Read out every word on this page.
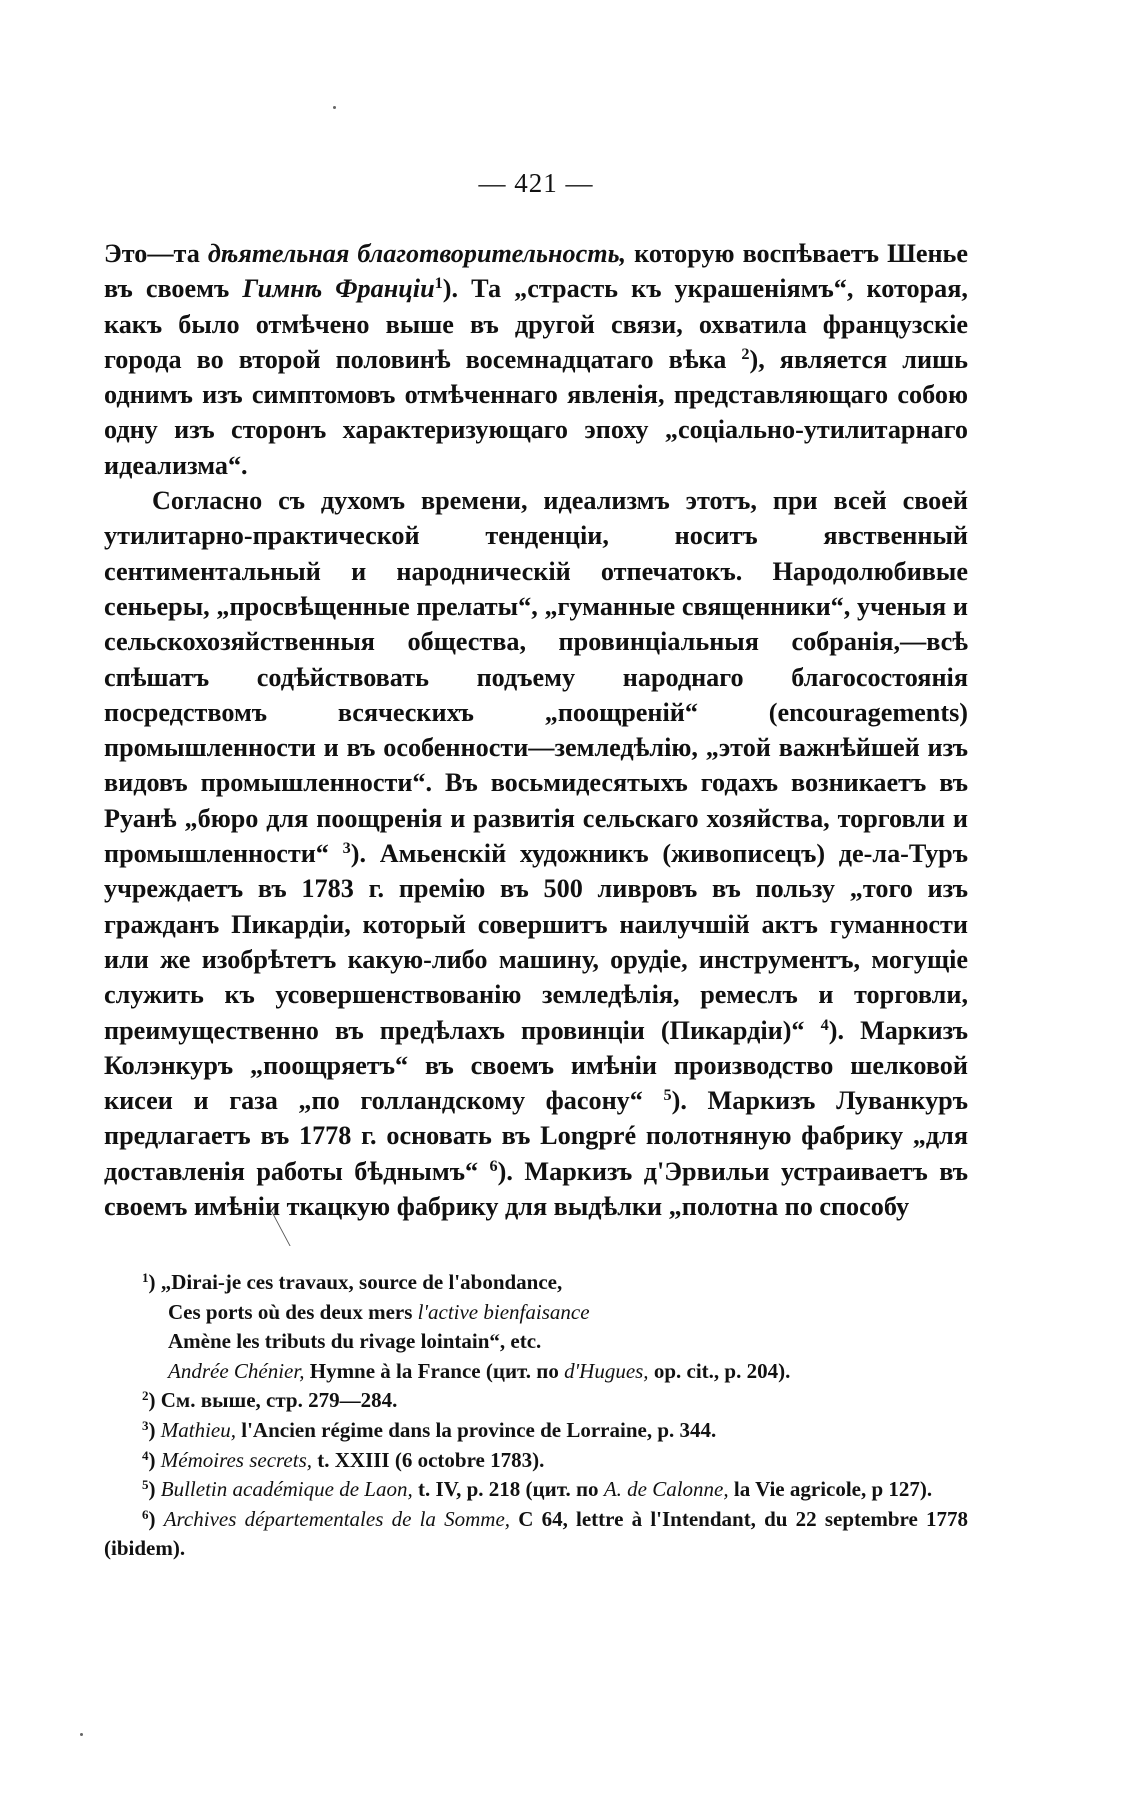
— 421 —

Это—та дѣятельная благотворительность, которую воспѣваетъ Шенье въ своемъ Гимнѣ Франціи$^1$). Та „страсть къ украшеніямъ“, которая, какъ было отмѣчено выше въ другой связи, охватила французскіе города во второй половинѣ восемнадцатаго вѣка $^2$), является лишь однимъ изъ симптомовъ отмѣченнаго явленія, представляющаго собою одну изъ сторонъ характеризующаго эпоху „соціально-утилитарнаго идеализма“.

Согласно съ духомъ времени, идеализмъ этотъ, при всей своей утилитарно-практической тенденціи, носитъ явственный сентиментальный и народническій отпечатокъ. Народолюбивые сеньеры, „просвѣщенные прелаты“, „гуманные священники“, ученыя и сельскохозяйственныя общества, провинціальныя собранія,—всѣ спѣшатъ содѣйствовать подъему народнаго благосостоянія посредствомъ всяческихъ „поощреній“ (encouragements) промышленности и въ особенности—земледѣлію, „этой важнѣйшей изъ видовъ промышленности“. Въ восьмидесятыхъ годахъ возникаетъ въ Руанѣ „бюро для поощренія и развитія сельскаго хозяйства, торговли и промышленности“ $^3$). Амьенскій художникъ (живописецъ) де-ла-Туръ учреждаетъ въ 1783 г. премію въ 500 ливровъ въ пользу „того изъ гражданъ Пикардіи, который совершитъ наилучшій актъ гуманности или же изобрѣтетъ какую-либо машину, орудіе, инструментъ, могущіе служить къ усовершенствованію земледѣлія, ремеслъ и торговли, преимущественно въ предѣлахъ провинціи (Пикардіи)“ $^4$). Маркизъ Колэнкуръ „поощряетъ“ въ своемъ имѣніи производство шелковой кисеи и газа „по голландскому фасону“ $^5$). Маркизъ Луванкуръ предлагаетъ въ 1778 г. основать въ Longpré полотняную фабрику „для доставленія работы бѣднымъ“ $^6$). Маркизъ д'Эрвильи устраиваетъ въ своемъ имѣніи ткацкую фабрику для выдѣлки „полотна по способу

$^1$) „Dirai-je ces travaux, source de l'abondance,

Ces ports où des deux mers l'active bienfaisance

Amène les tributs du rivage lointain“, etc.

Andrée Chénier, Hymne à la France (цит. по d'Hugues, op. cit., p. 204).

$^2$) См. выше, стр. 279—284.

$^3$) Mathieu, l'Ancien régime dans la province de Lorraine, p. 344.

$^4$) Mémoires secrets, t. XXIII (6 octobre 1783).

$^5$) Bulletin académique de Laon, t. IV, p. 218 (цит. по A. de Calonne, la Vie agricole, p 127).

$^6$) Archives départementales de la Somme, C 64, lettre à l'Intendant, du 22 septembre 1778 (ibidem).
